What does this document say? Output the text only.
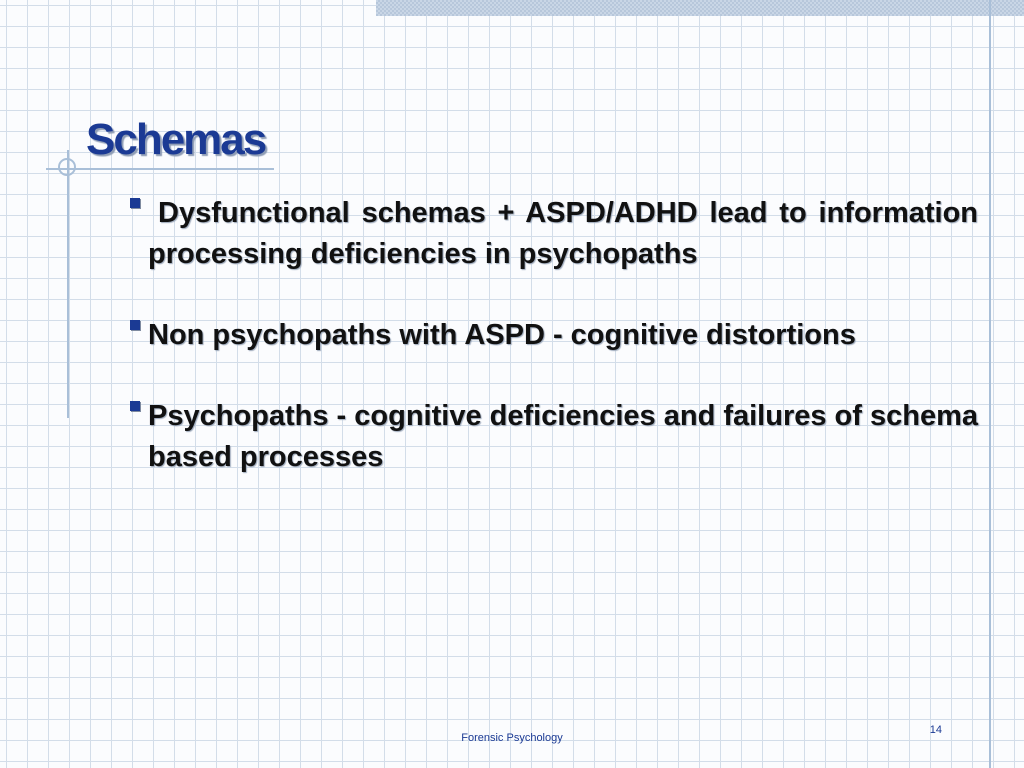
Schemas
Dysfunctional schemas + ASPD/ADHD lead to information processing deficiencies in psychopaths
Non psychopaths with ASPD - cognitive distortions
Psychopaths - cognitive deficiencies and failures of schema based processes
Forensic Psychology
14
